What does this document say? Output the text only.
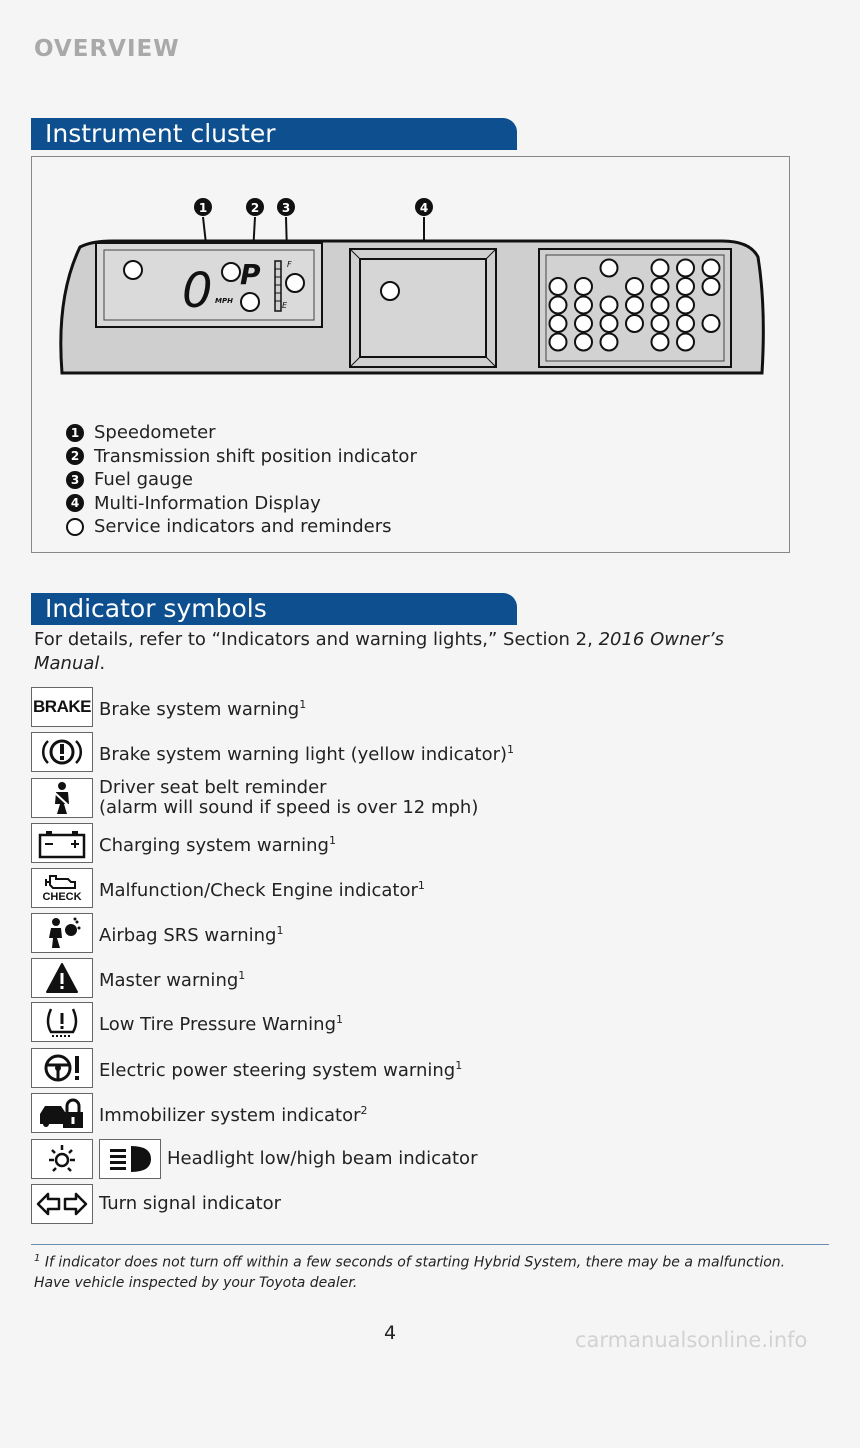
OVERVIEW
Instrument cluster
1	2 3	4
0 P
MPH
F
E
1 Speedometer
2 Transmission shift position indicator
3 Fuel gauge
4 Multi-Information Display
Service indicators and reminders
Indicator symbols
For details, refer to “Indicators and warning lights,” Section 2, 2016 Owner’s Manual.
BRAKE Brake system warning$^1$
Brake system warning light (yellow indicator)$^1$
Driver seat belt reminder
(alarm will sound if speed is over 12 mph)
Charging system warning$^1$
CHECK Malfunction/Check Engine indicator$^1$
Airbag SRS warning$^1$
Master warning$^1$
Low Tire Pressure Warning$^1$
Electric power steering system warning$^1$
Immobilizer system indicator$^2$
Headlight low/high beam indicator
Turn signal indicator
$^1$ If indicator does not turn off within a few seconds of starting Hybrid System, there may be a malfunction. Have vehicle inspected by your Toyota dealer.
4	carmanualsonline.info
